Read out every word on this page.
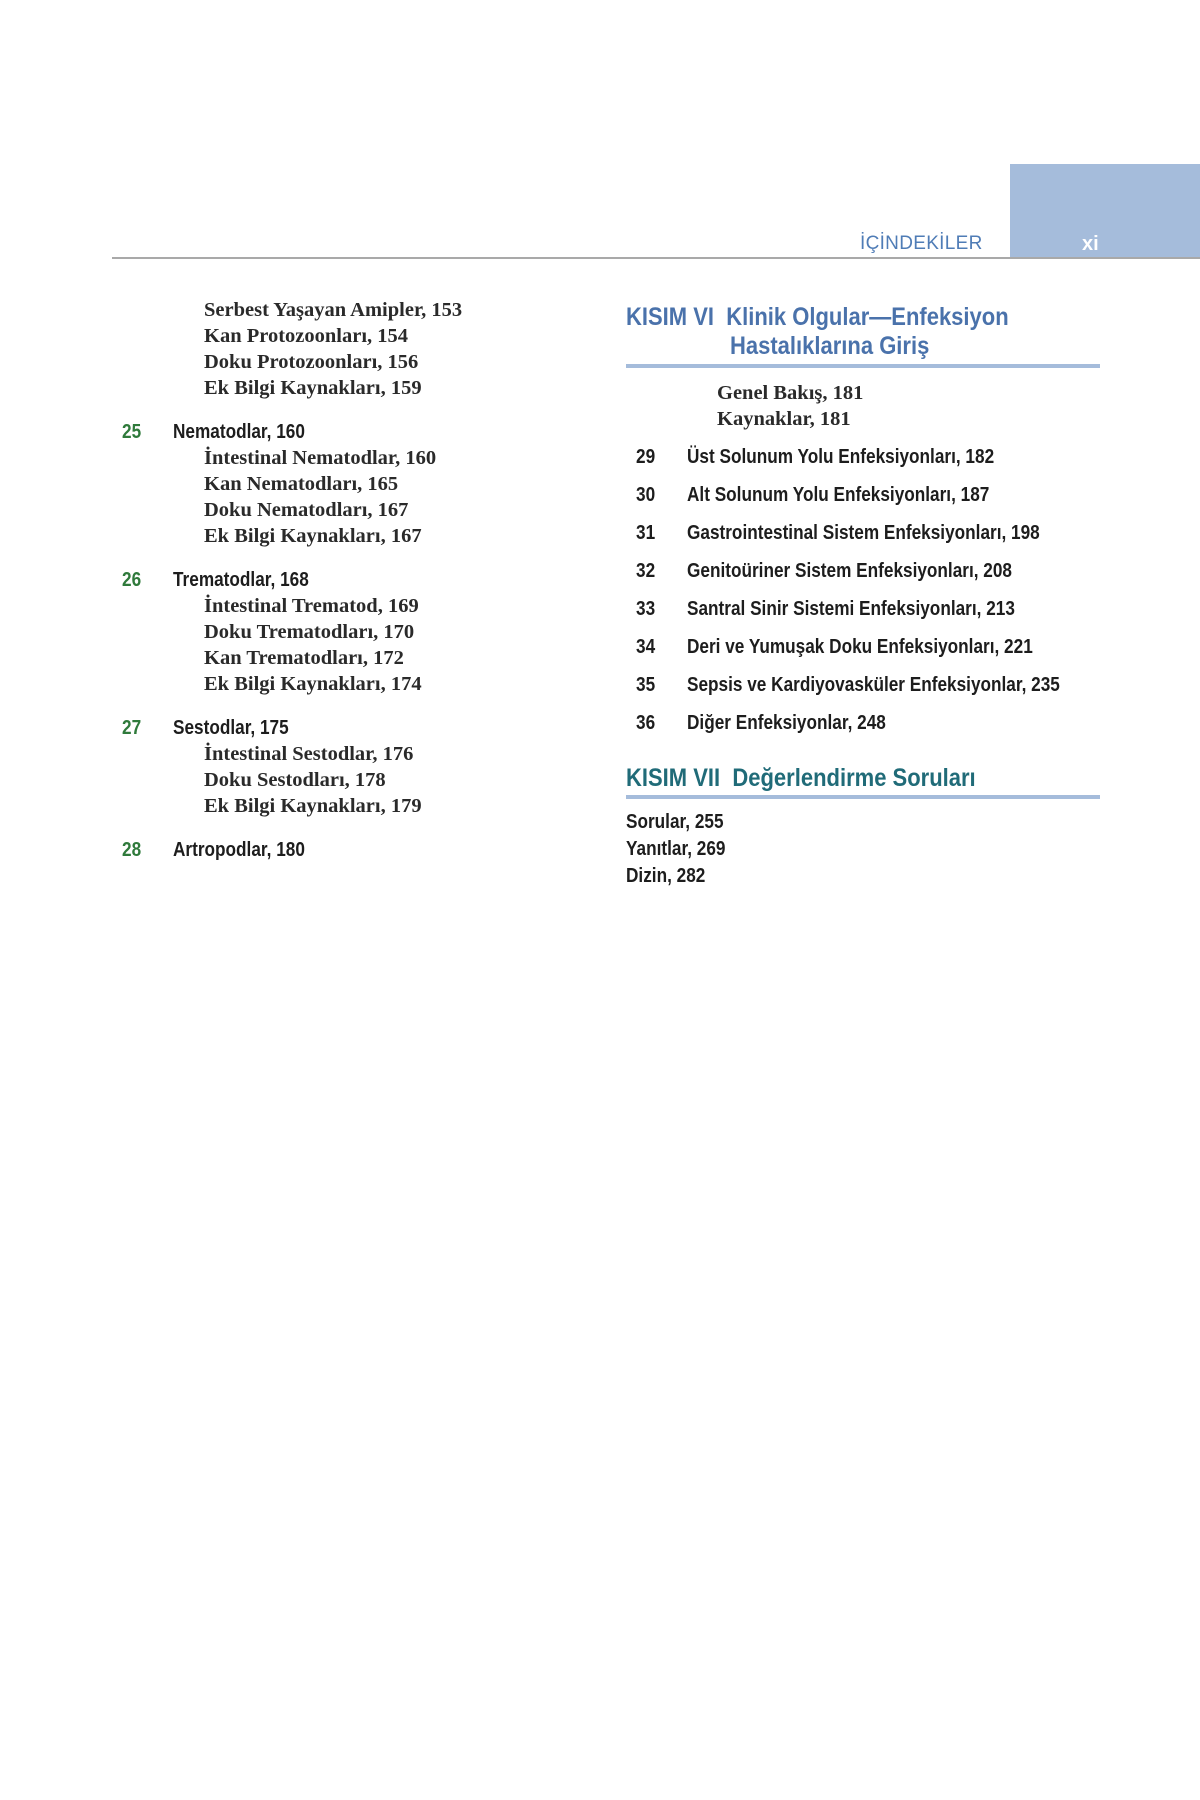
xi
İÇİNDEKİLER
Serbest Yaşayan Amipler, 153
Kan Protozoonları, 154
Doku Protozoonları, 156
Ek Bilgi Kaynakları, 159
25 Nematodlar, 160
İntestinal Nematodlar, 160
Kan Nematodları, 165
Doku Nematodları, 167
Ek Bilgi Kaynakları, 167
26 Trematodlar, 168
İntestinal Trematod, 169
Doku Trematodları, 170
Kan Trematodları, 172
Ek Bilgi Kaynakları, 174
27 Sestodlar, 175
İntestinal Sestodlar, 176
Doku Sestodları, 178
Ek Bilgi Kaynakları, 179
28 Artropodlar, 180
KISIM VI Klinik Olgular—Enfeksiyon
Hastalıklarına Giriş
Genel Bakış, 181
Kaynaklar, 181
29 Üst Solunum Yolu Enfeksiyonları, 182
30 Alt Solunum Yolu Enfeksiyonları, 187
31 Gastrointestinal Sistem Enfeksiyonları, 198
32 Genitoüriner Sistem Enfeksiyonları, 208
33 Santral Sinir Sistemi Enfeksiyonları, 213
34 Deri ve Yumuşak Doku Enfeksiyonları, 221
35 Sepsis ve Kardiyovasküler Enfeksiyonlar, 235
36 Diğer Enfeksiyonlar, 248
KISIM VII Değerlendirme Soruları
Sorular, 255
Yanıtlar, 269
Dizin, 282
